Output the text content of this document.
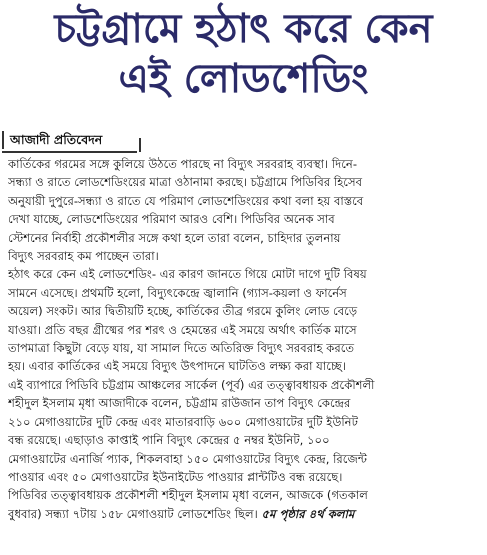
চট্টগ্রামে হঠাৎ করে কেন
এই লোডশেডিং
আজাদী প্রতিবেদন
কার্তিকের গরমের সঙ্গে কুলিয়ে উঠতে পারছে না বিদ্যুৎ সরবরাহ ব্যবস্থা। দিনে-
সন্ধ্যা ও রাতে লোডশেডিংয়ের মাত্রা ওঠানামা করছে। চট্টগ্রামে পিডিবির হিসেব
অনুযায়ী দুপুরে-সন্ধ্যা ও রাতে যে পরিমাণ লোডশেডিংয়ের কথা বলা হয় বাস্তবে
দেখা যাচ্ছে, লোডশেডিংয়ের পরিমাণ আরও বেশি। পিডিবির অনেক সাব
স্টেশনের নির্বাহী প্রকৌশলীর সঙ্গে কথা হলে তারা বলেন, চাহিদার তুলনায়
বিদ্যুৎ সরবরাহ কম পাচ্ছেন তারা।
হঠাৎ করে কেন এই লোডশেডিং- এর কারণ জানতে গিয়ে মোটা দাগে দুটি বিষয়
সামনে এসেছে। প্রথমটি হলো, বিদ্যুৎকেন্দ্রে জ্বালানি (গ্যাস-কয়লা ও ফার্নেস
অয়েল) সংকট। আর দ্বিতীয়টি হচ্ছে, কার্তিকের তীব্র গরমে কুলিং লোড বেড়ে
যাওয়া। প্রতি বছর গ্রীষ্মের পর শরৎ ও হেমন্তের এই সময়ে অর্থাৎ কার্তিক মাসে
তাপমাত্রা কিছুটা বেড়ে যায়, যা সামাল দিতে অতিরিক্ত বিদ্যুৎ সরবরাহ করতে
হয়। এবার কার্তিকের এই সময়ে বিদ্যুৎ উৎপাদনে ঘাটতিও লক্ষ্য করা যাচ্ছে।
এই ব্যাপারে পিডিবি চট্টগ্রাম আঞ্চলের সার্কেল (পূর্ব) এর তত্ত্বাবধায়ক প্রকৌশলী
শহীদুল ইসলাম মৃধা আজাদীকে বলেন, চট্টগ্রাম রাউজান তাপ বিদ্যুৎ কেন্দ্রের
২১০ মেগাওয়াটের দুটি কেন্দ্র এবং মাতারবাড়ি ৬০০ মেগাওয়াটের দুটি ইউনিট
বন্ধ রয়েছে। এছাড়াও কাপ্তাই পানি বিদ্যুৎ কেন্দ্রের ৫ নম্বর ইউনিট, ১০০
মেগাওয়াটের এনার্জি প্যাক, শিকলবাহা ১৫০ মেগাওয়াটের বিদ্যুৎ কেন্দ্র, রিজেন্ট
পাওয়ার এবং ৫০ মেগাওয়াটের ইউনাইটেড পাওয়ার প্লান্টটিও বন্ধ রয়েছে।
পিডিবির তত্ত্বাবধায়ক প্রকৌশলী শহীদুল ইসলাম মৃধা বলেন, আজকে (গতকাল
বুধবার) সন্ধ্যা ৭টায় ১৫৮ মেগাওয়াট লোডশেডিং ছিল। ৫ম পৃষ্ঠার ৪র্থ কলাম
